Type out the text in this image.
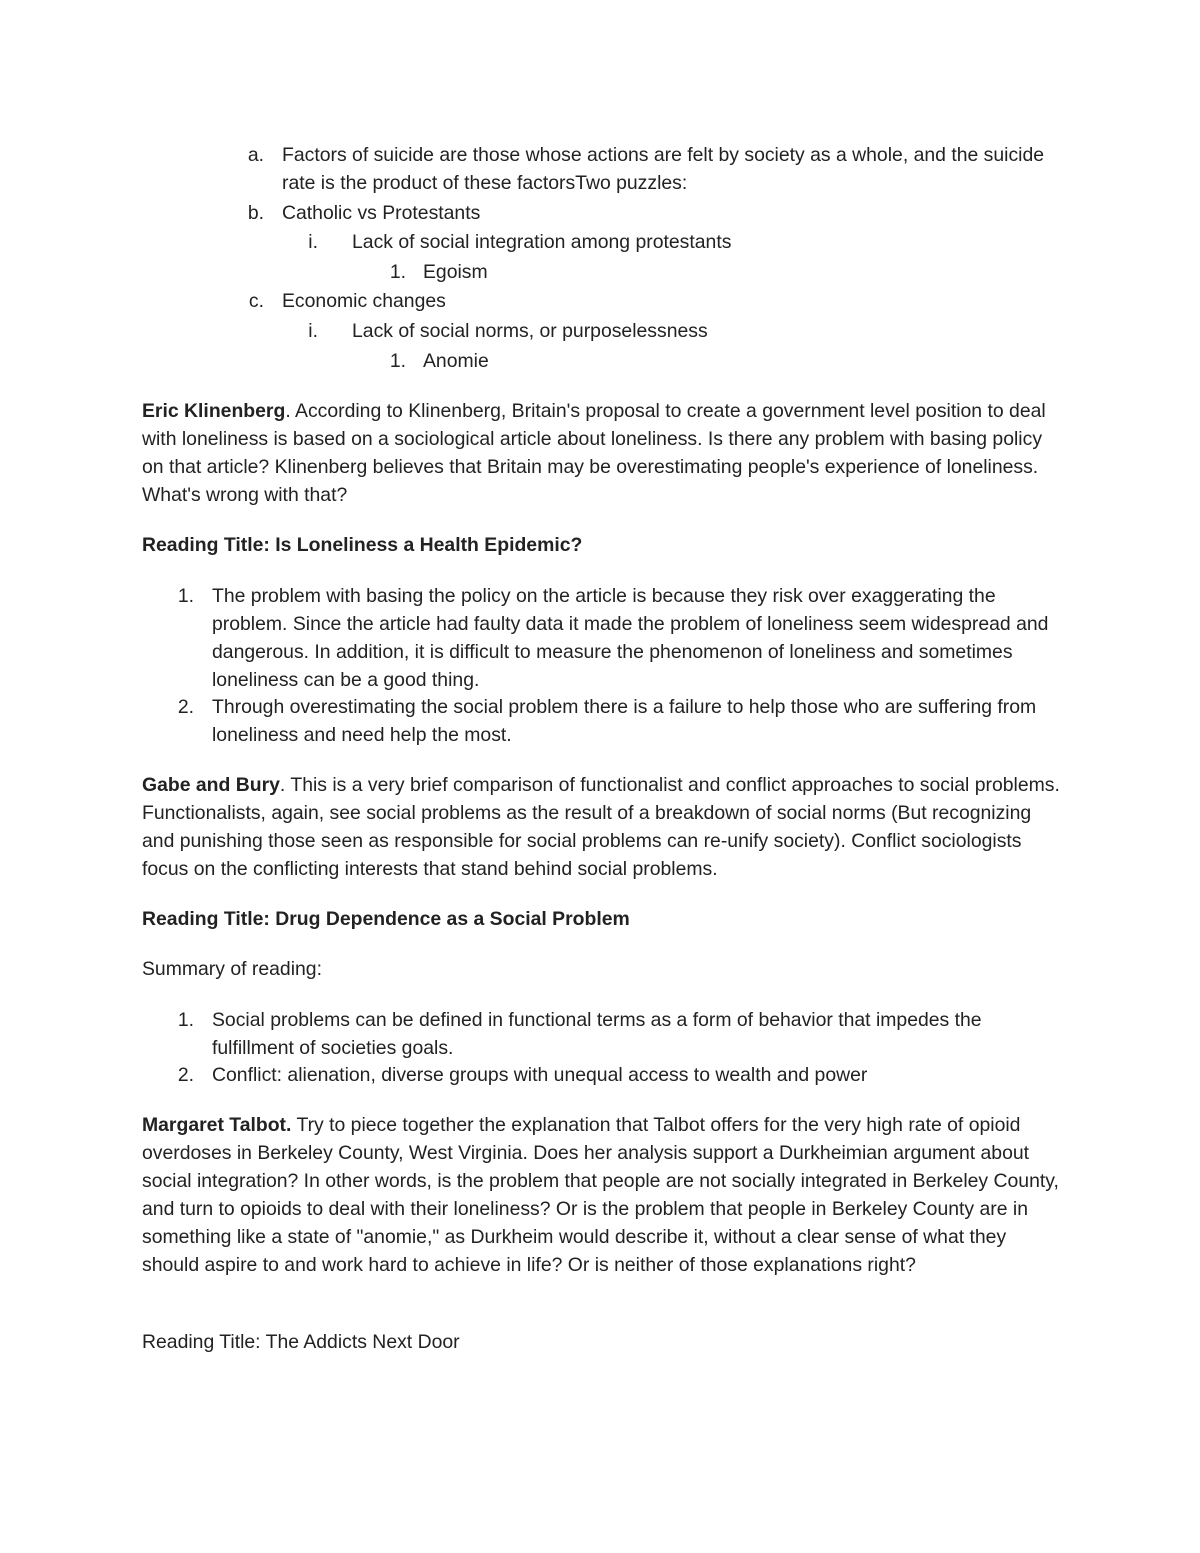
a. Factors of suicide are those whose actions are felt by society as a whole, and the suicide rate is the product of these factorsTwo puzzles:
b. Catholic vs Protestants
i. Lack of social integration among protestants
1. Egoism
c. Economic changes
i. Lack of social norms, or purposelessness
1. Anomie
Eric Klinenberg. According to Klinenberg, Britain's proposal to create a government level position to deal with loneliness is based on a sociological article about loneliness. Is there any problem with basing policy on that article? Klinenberg believes that Britain may be overestimating people's experience of loneliness. What's wrong with that?
Reading Title: Is Loneliness a Health Epidemic?
1. The problem with basing the policy on the article is because they risk over exaggerating the problem. Since the article had faulty data it made the problem of loneliness seem widespread and dangerous. In addition, it is difficult to measure the phenomenon of loneliness and sometimes loneliness can be a good thing.
2. Through overestimating the social problem there is a failure to help those who are suffering from loneliness and need help the most.
Gabe and Bury. This is a very brief comparison of functionalist and conflict approaches to social problems. Functionalists, again, see social problems as the result of a breakdown of social norms (But recognizing and punishing those seen as responsible for social problems can re-unify society). Conflict sociologists focus on the conflicting interests that stand behind social problems.
Reading Title: Drug Dependence as a Social Problem
Summary of reading:
1. Social problems can be defined in functional terms as a form of behavior that impedes the fulfillment of societies goals.
2. Conflict: alienation, diverse groups with unequal access to wealth and power
Margaret Talbot. Try to piece together the explanation that Talbot offers for the very high rate of opioid overdoses in Berkeley County, West Virginia. Does her analysis support a Durkheimian argument about social integration? In other words, is the problem that people are not socially integrated in Berkeley County, and turn to opioids to deal with their loneliness? Or is the problem that people in Berkeley County are in something like a state of "anomie," as Durkheim would describe it, without a clear sense of what they should aspire to and work hard to achieve in life? Or is neither of those explanations right?
Reading Title: The Addicts Next Door
